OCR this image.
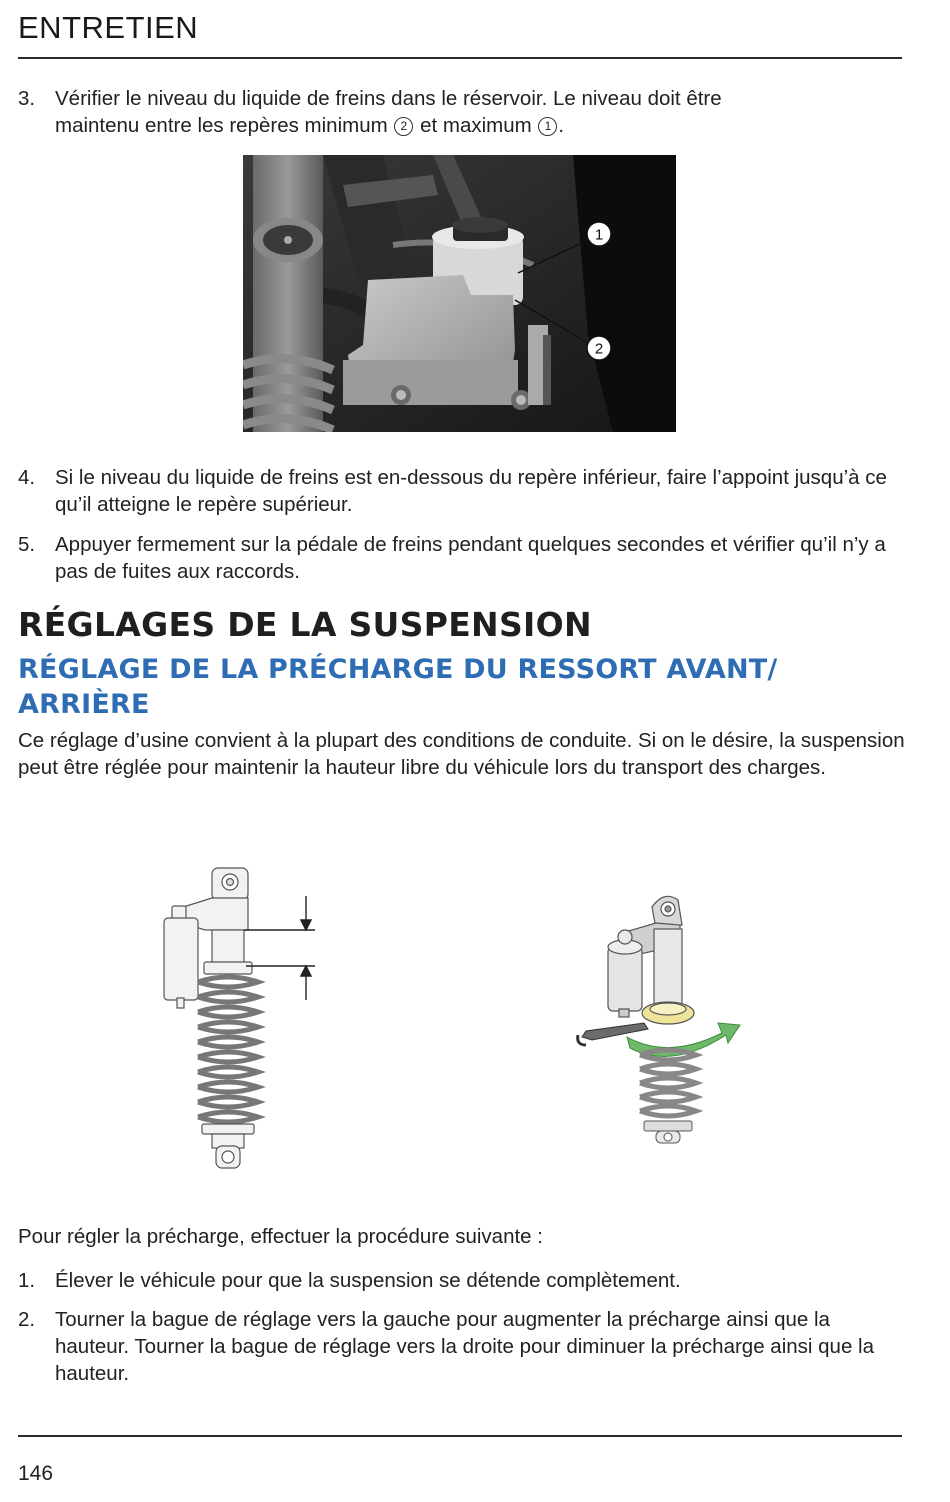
ENTRETIEN
3. Vérifier le niveau du liquide de freins dans le réservoir. Le niveau doit être
maintenu entre les repères minimum 2 et maximum 1 .
1
2
4. Si le niveau du liquide de freins est en-dessous du repère inférieur, faire l’appoint jusqu’à ce qu’il atteigne le repère supérieur.
5. Appuyer fermement sur la pédale de freins pendant quelques secondes et vérifier qu’il n’y a pas de fuites aux raccords.
RÉGLAGES DE LA SUSPENSION
RÉGLAGE DE LA PRÉCHARGE DU RESSORT AVANT/ ARRIÈRE
Ce réglage d’usine convient à la plupart des conditions de conduite. Si on le désire, la suspension peut être réglée pour maintenir la hauteur libre du véhicule lors du transport des charges.
Pour régler la précharge, effectuer la procédure suivante :
1. Élever le véhicule pour que la suspension se détende complètement.
2. Tourner la bague de réglage vers la gauche pour augmenter la précharge ainsi que la hauteur. Tourner la bague de réglage vers la droite pour diminuer la précharge ainsi que la hauteur.
146
